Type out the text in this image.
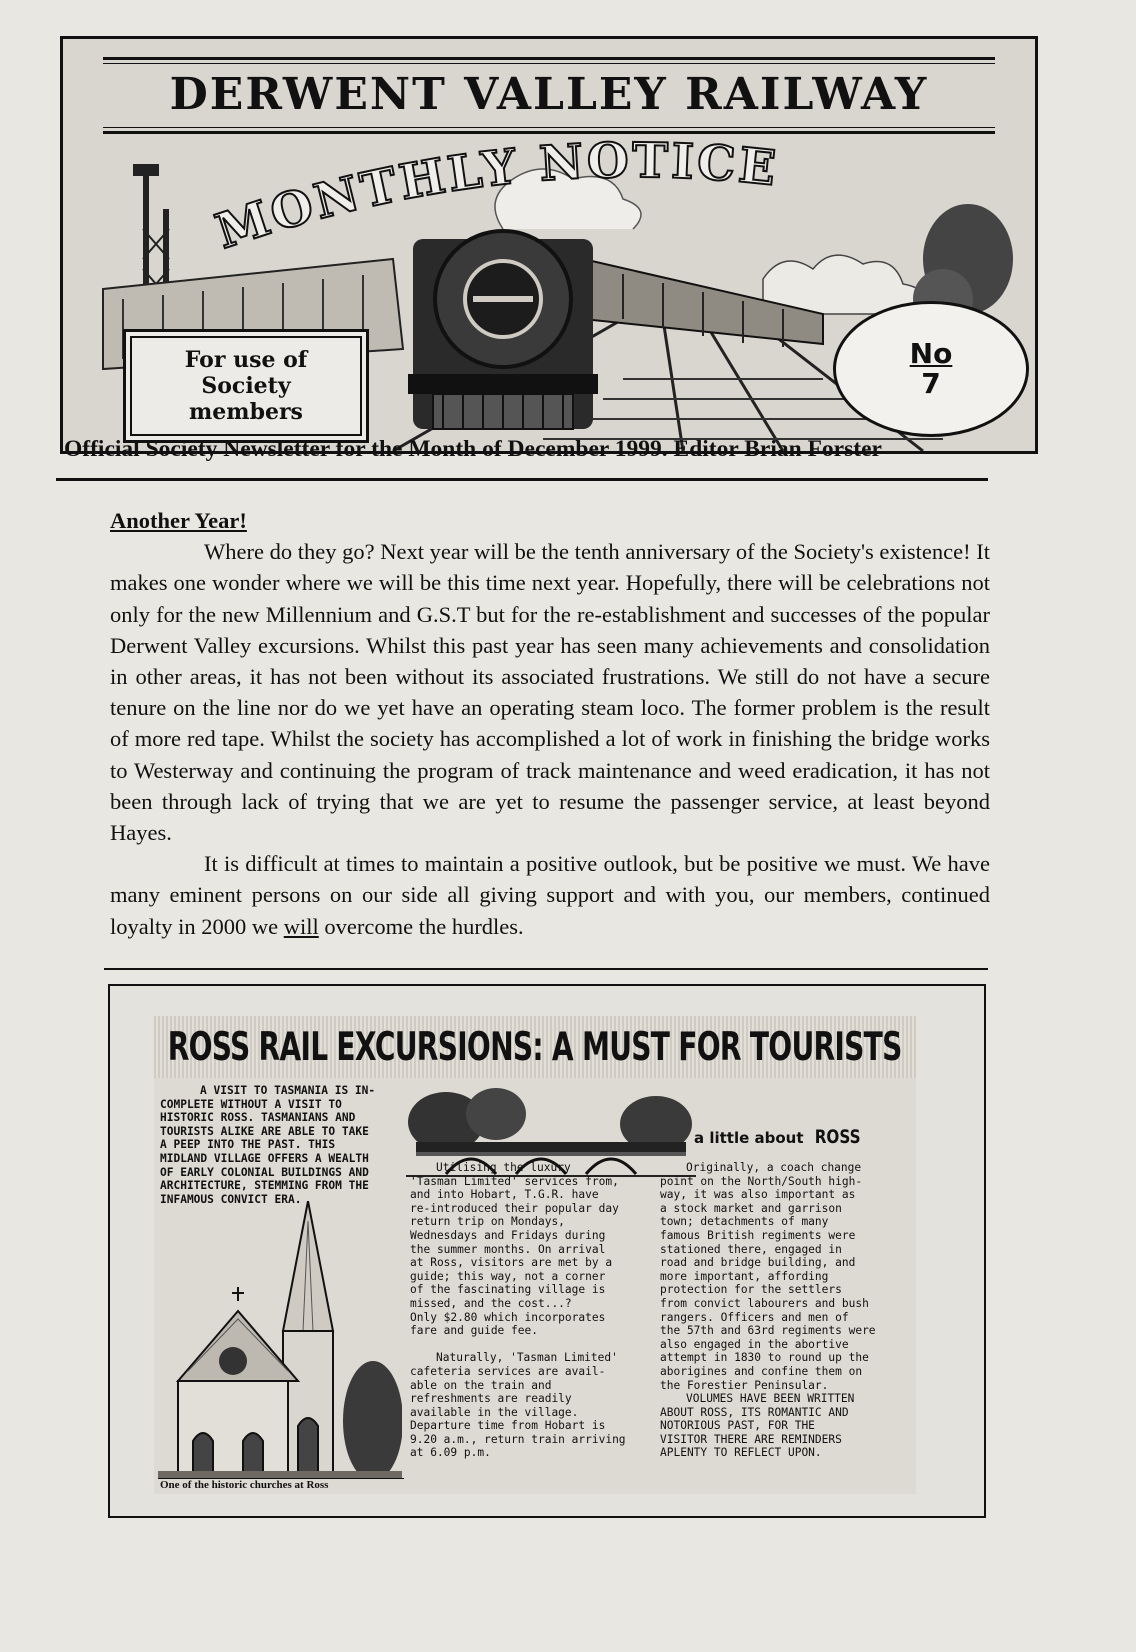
DERWENT VALLEY RAILWAY
MONTHLY NOTICE
For use of
Society
members
No
7
Official Society Newsletter for the Month of December 1999. Editor Brian Forster
Another Year!

Where do they go? Next year will be the tenth anniversary of the Society's existence! It makes one wonder where we will be this time next year. Hopefully, there will be celebrations not only for the new Millennium and G.S.T but for the re-establishment and successes of the popular Derwent Valley excursions. Whilst this past year has seen many achievements and consolidation in other areas, it has not been without its associated frustrations. We still do not have a secure tenure on the line nor do we yet have an operating steam loco. The former problem is the result of more red tape. Whilst the society has accomplished a lot of work in finishing the bridge works to Westerway and continuing the program of track maintenance and weed eradication, it has not been through lack of trying that we are yet to resume the passenger service, at least beyond Hayes.

It is difficult at times to maintain a positive outlook, but be positive we must. We have many eminent persons on our side all giving support and with you, our members, continued loyalty in 2000 we will overcome the hurdles.

ROSS RAIL EXCURSIONS: A MUST FOR TOURISTS
A VISIT TO TASMANIA IS IN-
COMPLETE WITHOUT A VISIT TO
HISTORIC ROSS. TASMANIANS AND
TOURISTS ALIKE ARE ABLE TO TAKE
A PEEP INTO THE PAST. THIS
MIDLAND VILLAGE OFFERS A WEALTH
OF EARLY COLONIAL BUILDINGS AND
ARCHITECTURE, STEMMING FROM THE
INFAMOUS CONVICT ERA.
a little about ROSS
Utilising the luxury
'Tasman Limited' services from,
and into Hobart, T.G.R. have
re-introduced their popular day
return trip on Mondays,
Wednesdays and Fridays during
the summer months. On arrival
at Ross, visitors are met by a
guide; this way, not a corner
of the fascinating village is
missed, and the cost...?
Only $2.80 which incorporates
fare and guide fee.
Naturally, 'Tasman Limited'
cafeteria services are avail-
able on the train and
refreshments are readily
available in the village.
Departure time from Hobart is
9.20 a.m., return train arriving
at 6.09 p.m.
Originally, a coach change
point on the North/South high-
way, it was also important as
a stock market and garrison
town; detachments of many
famous British regiments were
stationed there, engaged in
road and bridge building, and
more important, affording
protection for the settlers
from convict labourers and bush
rangers. Officers and men of
the 57th and 63rd regiments were
also engaged in the abortive
attempt in 1830 to round up the
aborigines and confine them on
the Forestier Peninsular.
VOLUMES HAVE BEEN WRITTEN
ABOUT ROSS, ITS ROMANTIC AND
NOTORIOUS PAST, FOR THE
VISITOR THERE ARE REMINDERS
APLENTY TO REFLECT UPON.
One of the historic churches at Ross
